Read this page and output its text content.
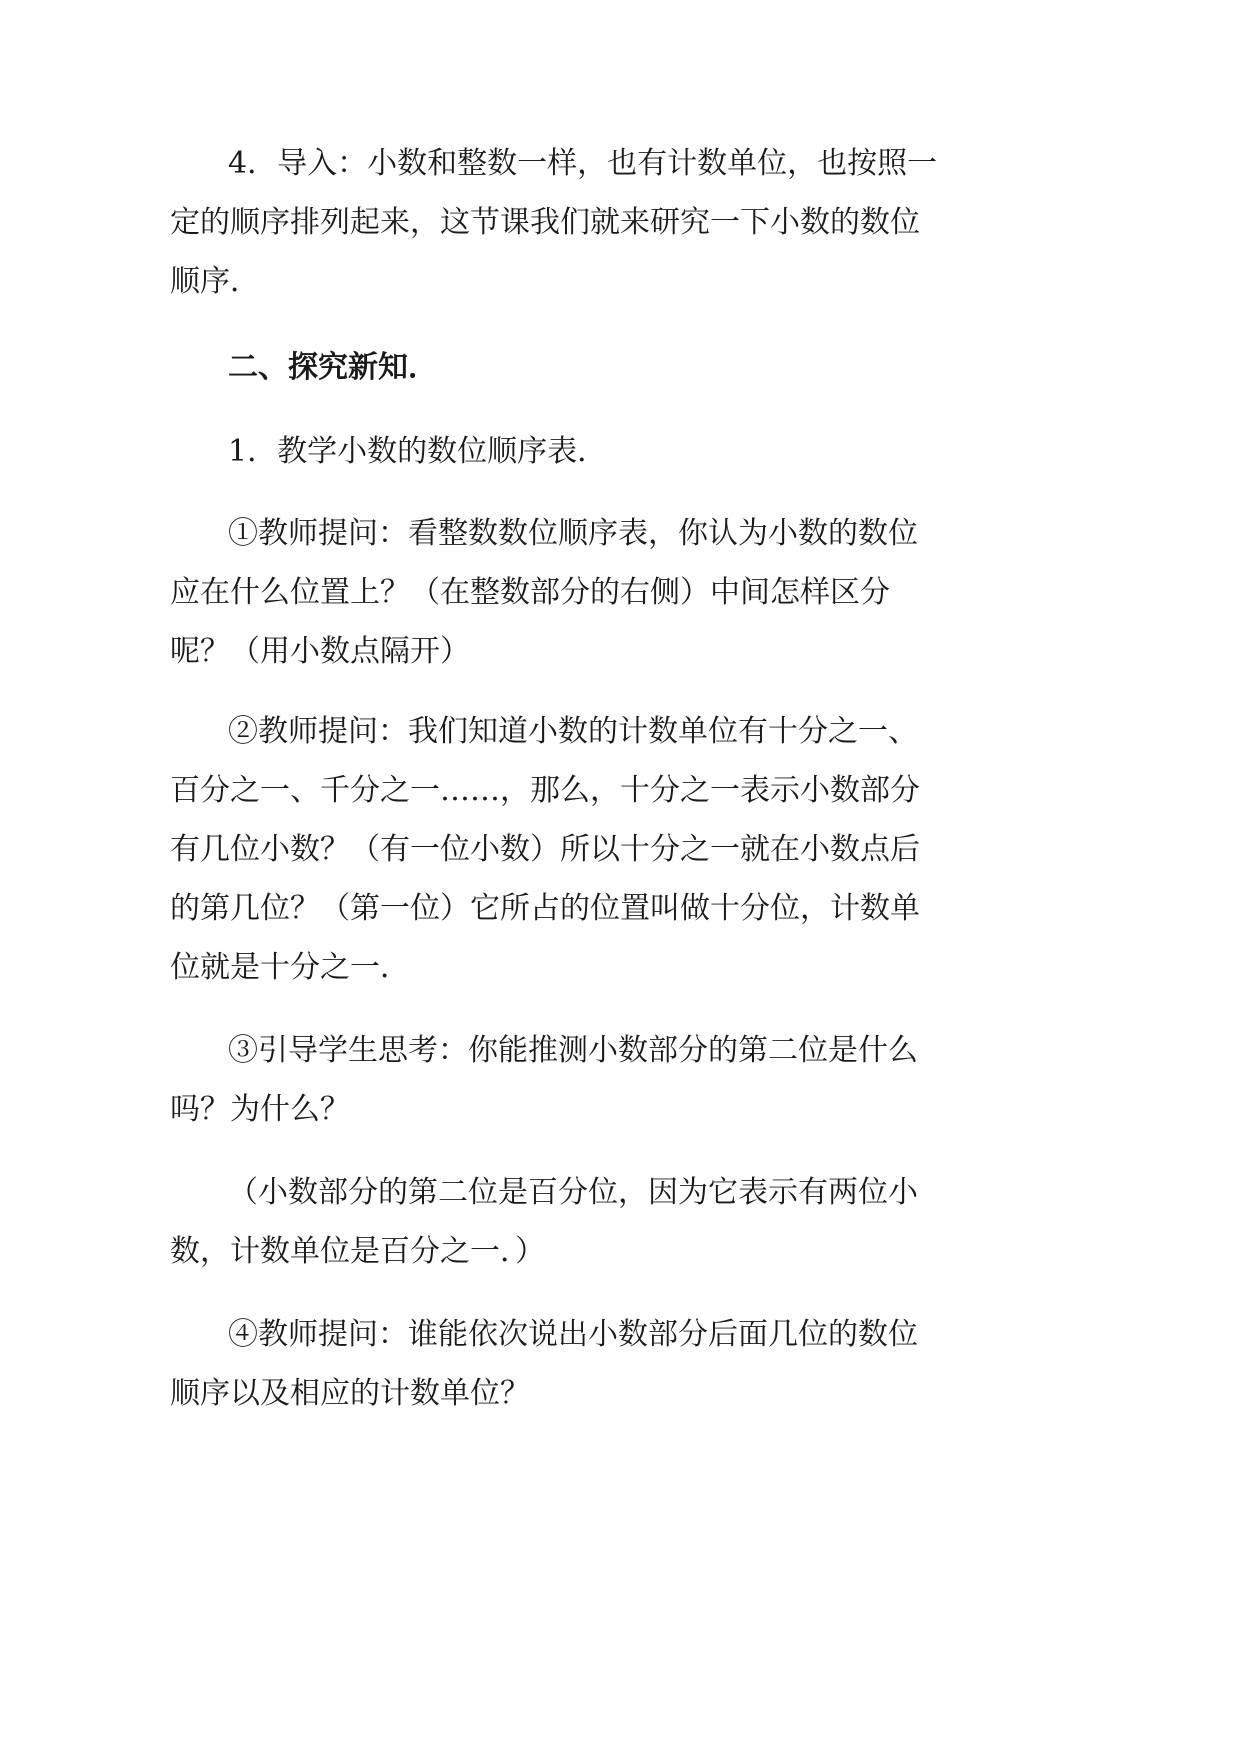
4．导入：小数和整数一样，也有计数单位，也按照一
定的顺序排列起来，这节课我们就来研究一下小数的数位
顺序．
二、探究新知．
1．教学小数的数位顺序表．
①教师提问：看整数数位顺序表，你认为小数的数位
应在什么位置上？（在整数部分的右侧）中间怎样区分
呢？（用小数点隔开）
②教师提问：我们知道小数的计数单位有十分之一、
百分之一、千分之一……，那么，十分之一表示小数部分
有几位小数？（有一位小数）所以十分之一就在小数点后
的第几位？（第一位）它所占的位置叫做十分位，计数单
位就是十分之一．
③引导学生思考：你能推测小数部分的第二位是什么
吗？为什么？
（小数部分的第二位是百分位，因为它表示有两位小
数，计数单位是百分之一．）
④教师提问：谁能依次说出小数部分后面几位的数位
顺序以及相应的计数单位？
